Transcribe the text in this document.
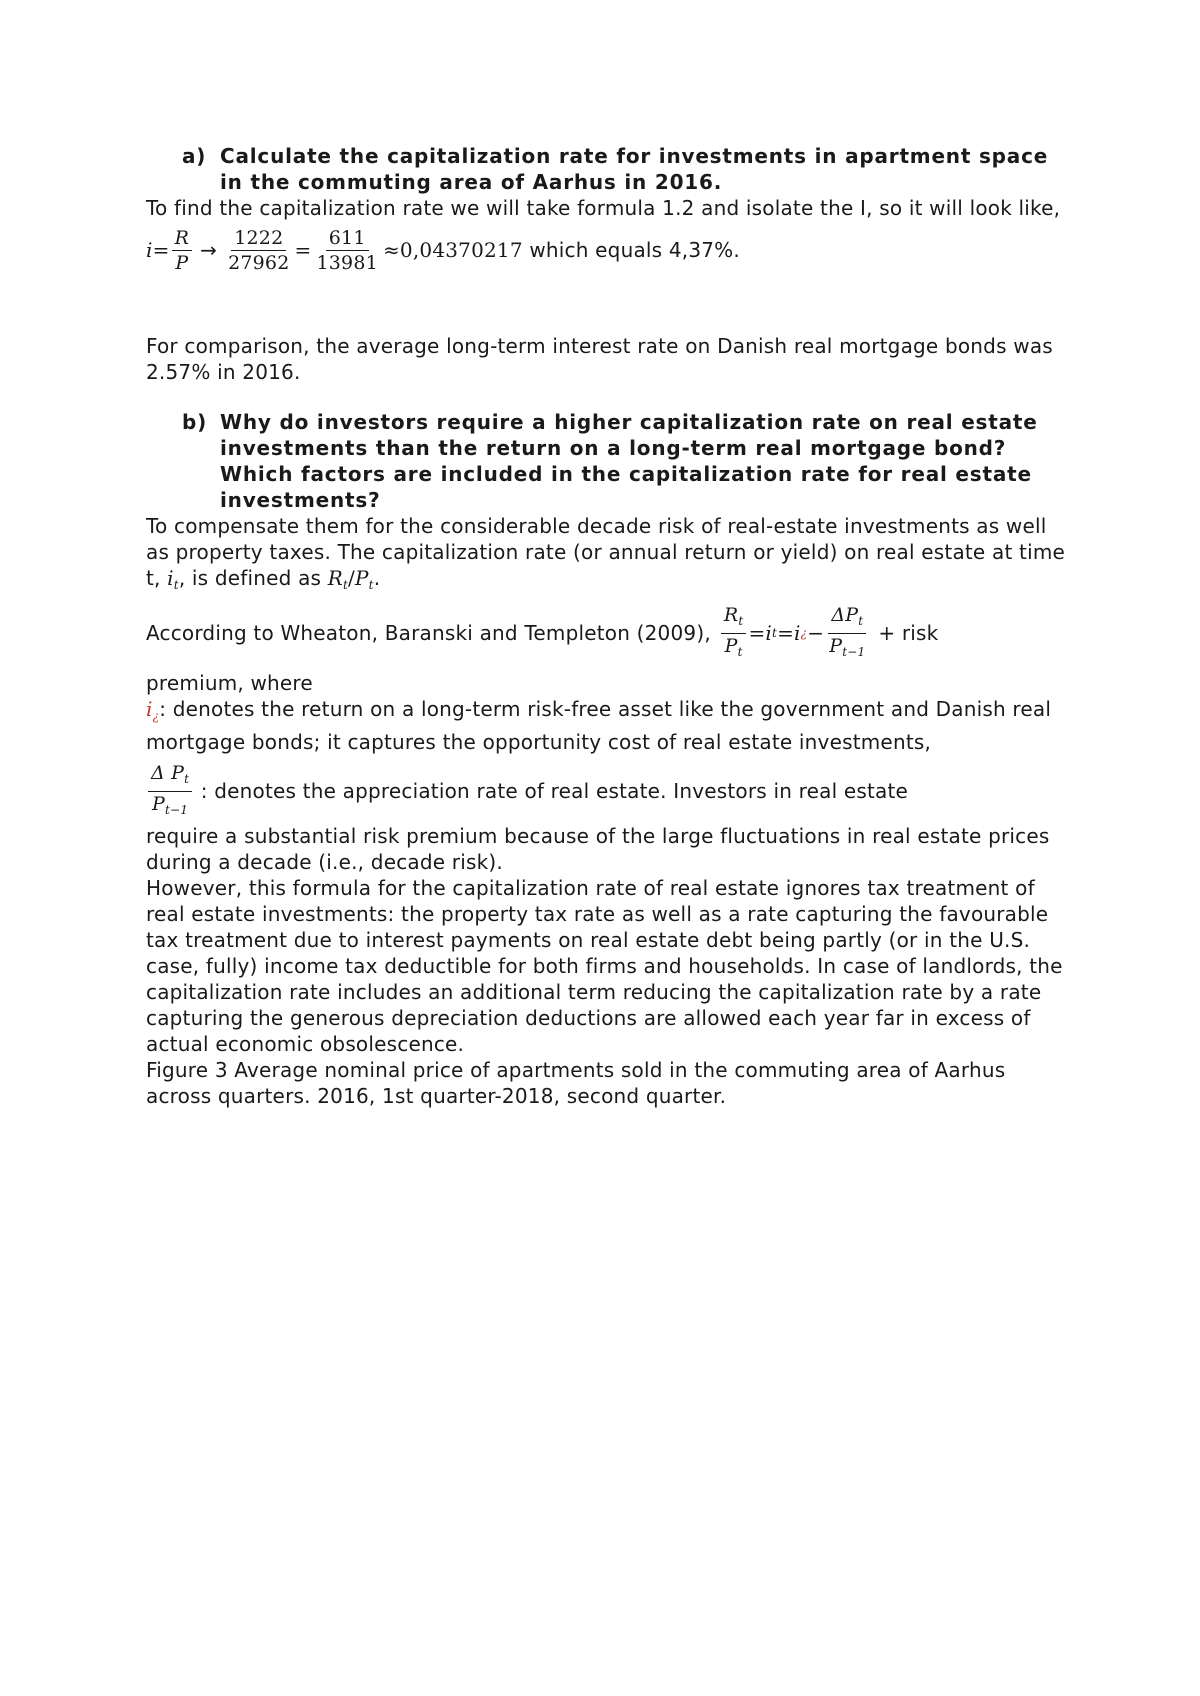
a) Calculate the capitalization rate for investments in apartment space in the commuting area of Aarhus in 2016.

To find the capitalization rate we will take formula 1.2 and isolate the I, so it will look like,

$i = \frac{R}{P} \to \frac{1222}{27962} = \frac{611}{13981} \approx 0,04370217$ which equals 4,37%.

For comparison, the average long-term interest rate on Danish real mortgage bonds was 2.57% in 2016.

b) Why do investors require a higher capitalization rate on real estate investments than the return on a long-term real mortgage bond? Which factors are included in the capitalization rate for real estate investments?

To compensate them for the considerable decade risk of real-estate investments as well as property taxes. The capitalization rate (or annual return or yield) on real estate at time t, $i_t$, is defined as $R_t/P_t$.

According to Wheaton, Baranski and Templeton (2009), $\frac{R_t}{P_t} = i$ t = i ¿ − $\frac{\Delta P_t}{P_{t-1}}$ + risk

premium, where

$i_¿$: denotes the return on a long-term risk-free asset like the government and Danish real mortgage bonds; it captures the opportunity cost of real estate investments,

$\frac{\Delta P_t}{P_{t-1}}$ : denotes the appreciation rate of real estate. Investors in real estate

require a substantial risk premium because of the large fluctuations in real estate prices during a decade (i.e., decade risk).

However, this formula for the capitalization rate of real estate ignores tax treatment of real estate investments: the property tax rate as well as a rate capturing the favourable tax treatment due to interest payments on real estate debt being partly (or in the U.S. case, fully) income tax deductible for both firms and households. In case of landlords, the capitalization rate includes an additional term reducing the capitalization rate by a rate capturing the generous depreciation deductions are allowed each year far in excess of actual economic obsolescence.

Figure 3 Average nominal price of apartments sold in the commuting area of Aarhus across quarters. 2016, 1st quarter-2018, second quarter.
